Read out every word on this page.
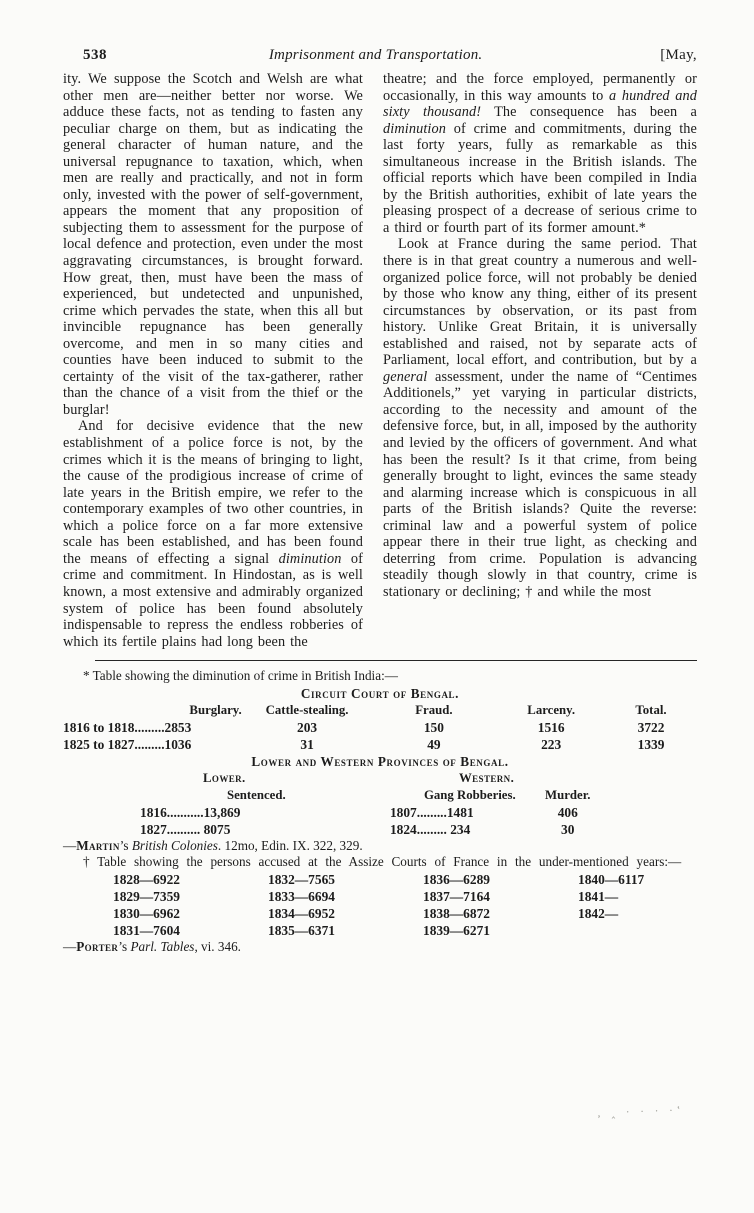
538	Imprisonment and Transportation.	[May,

ity. We suppose the Scotch and Welsh are what other men are—neither better nor worse. We adduce these facts, not as tending to fasten any peculiar charge on them, but as indicating the general character of human nature, and the universal repugnance to taxation, which, when men are really and practically, and not in form only, invested with the power of self-government, appears the moment that any proposition of subjecting them to assessment for the purpose of local defence and protection, even under the most aggravating circumstances, is brought forward. How great, then, must have been the mass of experienced, but undetected and unpunished, crime which pervades the state, when this all but invincible repugnance has been generally overcome, and men in so many cities and counties have been induced to submit to the certainty of the visit of the tax-gatherer, rather than the chance of a visit from the thief or the burglar!

And for decisive evidence that the new establishment of a police force is not, by the crimes which it is the means of bringing to light, the cause of the prodigious increase of crime of late years in the British empire, we refer to the contemporary examples of two other countries, in which a police force on a far more extensive scale has been established, and has been found the means of effecting a signal diminution of crime and commitment. In Hindostan, as is well known, a most extensive and admirably organized system of police has been found absolutely indispensable to repress the endless robberies of which its fertile plains had long been the

theatre; and the force employed, permanently or occasionally, in this way amounts to a hundred and sixty thousand! The consequence has been a diminution of crime and commitments, during the last forty years, fully as remarkable as this simultaneous increase in the British islands. The official reports which have been compiled in India by the British authorities, exhibit of late years the pleasing prospect of a decrease of serious crime to a third or fourth part of its former amount.*

Look at France during the same period. That there is in that great country a numerous and well-organized police force, will not probably be denied by those who know any thing, either of its present circumstances by observation, or its past from history. Unlike Great Britain, it is universally established and raised, not by separate acts of Parliament, local effort, and contribution, but by a general assessment, under the name of “Centimes Additionels,” yet varying in particular districts, according to the necessity and amount of the defensive force, but, in all, imposed by the authority and levied by the officers of government. And what has been the result? Is it that crime, from being generally brought to light, evinces the same steady and alarming increase which is conspicuous in all parts of the British islands? Quite the reverse: criminal law and a powerful system of police appear there in their true light, as checking and deterring from crime. Population is advancing steadily though slowly in that country, crime is stationary or declining; † and while the most

* Table showing the diminution of crime in British India:—

Circuit Court of Bengal.

Burglary.	Cattle-stealing.	Fraud.	Larceny.	Total.
1816 to 1818.........2853	203	150	1516	3722
1825 to 1827.........1036	31	49	223	1339

Lower and Western Provinces of Bengal.

Lower.	Western.	
Sentenced.	Gang Robberies.	Murder.
1816...........13,869	1807.........1481	406
1827.......... 8075	1824......... 234	30

—Martin’s British Colonies. 12mo, Edin. IX. 322, 329.

† Table showing the persons accused at the Assize Courts of France in the under-mentioned years:—

1828—6922	1832—7565	1836—6289	1840—6117
1829—7359	1833—6694	1837—7164	1841—
1830—6962	1834—6952	1838—6872	1842—
1831—7604	1835—6371	1839—6271	

—Porter’s Parl. Tables, vi. 346.

‚ ‸ · · · ·‛
